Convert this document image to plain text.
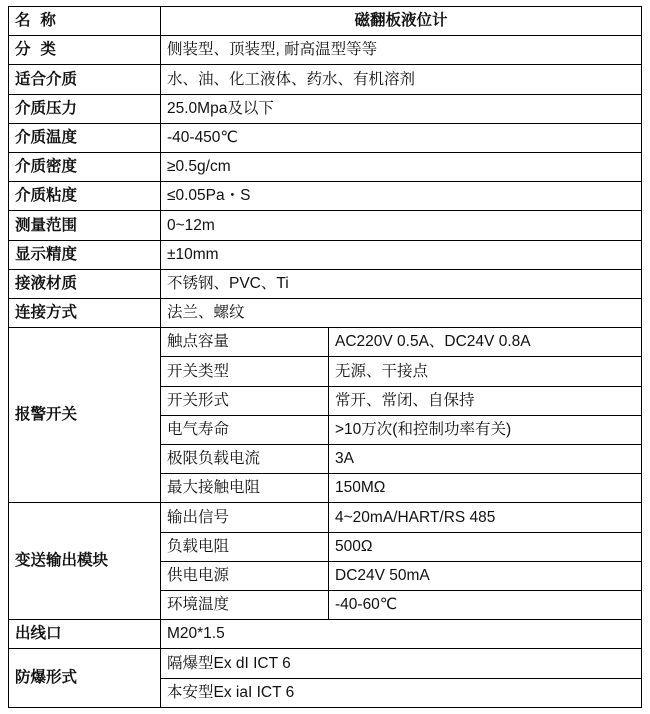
名 称	磁翻板液位计	
分 类	侧装型、顶装型, 耐高温型等等	
适合介质	水、油、化工液体、药水、有机溶剂	
介质压力	25.0Mpa及以下	
介质温度	-40-450℃	
介质密度	≥0.5g/cm	
介质粘度	≤0.05Pa・S	
测量范围	0~12m	
显示精度	±10mm	
接液材质	不锈钢、PVC、Ti	
连接方式	法兰、螺纹	
报警开关	触点容量	AC220V 0.5A、DC24V 0.8A
	开关类型	无源、干接点
	开关形式	常开、常闭、自保持
	电气寿命	>10万次(和控制功率有关)
	极限负载电流	3A
	最大接触电阻	150MΩ
变送输出模块	输出信号	4~20mA/HART/RS 485
	负载电阻	500Ω
	供电电源	DC24V 50mA
	环境温度	-40-60℃
出线口	M20*1.5	
防爆形式	隔爆型Ex dI ICT 6	
	本安型Ex iaI ICT 6	
